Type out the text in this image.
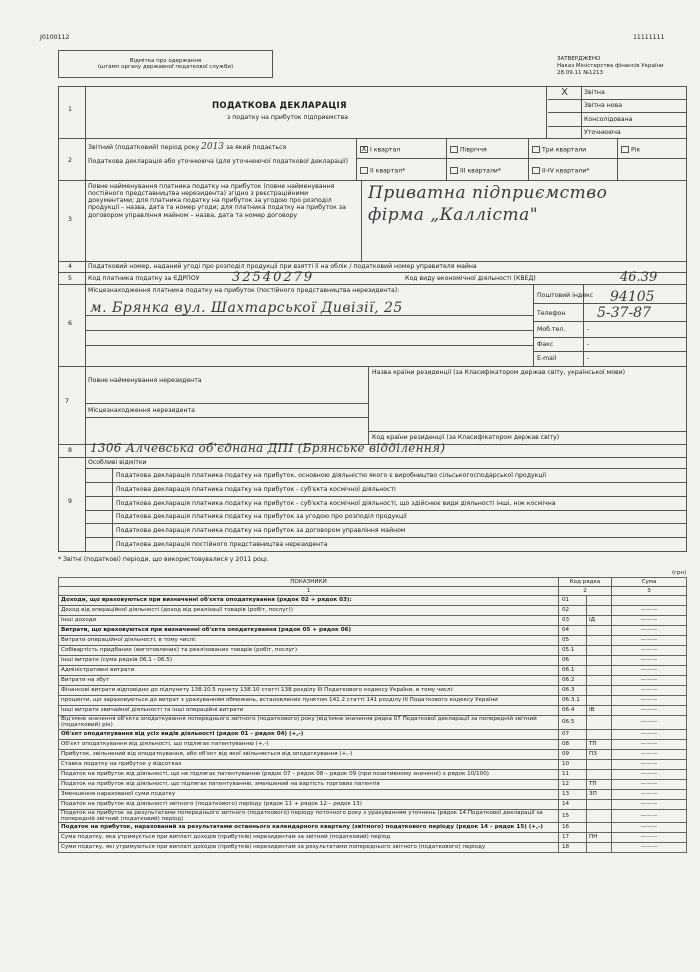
J0100112	11111111
Відмітка про одержання
(штамп органу державної податкової служби)
ЗАТВЕРДЖЕНО
Наказ Міністерства фінансів України
28.09.11 №1213
1	ПОДАТКОВА ДЕКЛАРАЦІЯ
з податку на прибуток підприємства
X	Звітна
Звітна нова
Консолідована
Уточнююча
2
Звітний (податковий) період року 2013 за який подається
Податкова декларація або уточнююча (для уточнюючої податкової декларації)
X I квартал	Півріччя	Три квартали	Рік
II квартал*	III квартали*	II-IV квартали*
3
Повне найменування платника податку на прибуток (повне найменування постійного представництва нерезидента) згідно з реєстраційними документами; для платника податку на прибуток за угодою про розподіл продукції – назва, дата та номер угоди; для платника податку на прибуток за договором управління майном – назва, дата та номер договору
Приватна підприємство
фірма „Калліста"
4	Податковий номер, наданий угоді про розподіл продукції при взятті її на облік / податковий номер управителя майна
5	Код платника податку за ЄДРПОУ	32540279	Код виду економічної діяльності (КВЕД)	46.39
6
Місцезнаходження платника податку на прибуток (постійного представництва нерезидента):
м. Брянка вул. Шахтарської Дивізії, 25
Поштовий індекс 94105
Телефон 5-37-87
Моб.тел.	-
Факс	-
E-mail	-
7
Повне найменування нерезидента
Назва країни резиденції (за Класифікатором держав світу, української мови)
Місцезнаходження нерезидента
Код країни резиденції (за Класифікатором держав світу)
8 1306 Алчевська об'єднана ДПІ (Брянське відділення)
9
Особливі відмітки
Податкова декларація платника податку на прибуток, основною діяльністю якого є виробництво сільськогосподарської продукції
Податкова декларація платника податку на прибуток - суб'єкта космічної діяльності
Податкова декларація платника податку на прибуток - суб'єкта космічної діяльності, що здійснює види діяльності інші, ніж космічна
Податкова декларація платника податку на прибуток за угодою про розподіл продукції
Податкова декларація платника податку на прибуток за договором управління майном
Податкова декларація постійного представництва нерезидента
* Звітні (податкові) періоди, що використовувалися у 2011 році.
(грн)
ПОКАЗНИКИ	Код рядка		Сума
1	2		3
Доходи, що враховуються при визначенні об'єкта оподаткування (рядок 02 + рядок 03):	01		
Доход від операційної діяльності (доход від реалізації товарів (робіт, послуг))	02		———
Інші доходи	03	ІД	———
Витрати, що враховуються при визначенні об'єкта оподаткування (рядок 05 + рядок 06)	04		———
Витрати операційної діяльності, в тому числі:	05		———
Собівартість придбаних (виготовлених) та реалізованих товарів (робіт, послуг)	05.1		———
Інші витрати (сума рядків 06.1 - 06.5)	06		———
Адміністративні витрати	06.1		———
Витрати на збут	06.2		———
Фінансові витрати відповідно до підпункту 138.10.5 пункту 138.10 статті 138 розділу ІІІ Податкового кодексу України, в тому числі:	06.3		———
проценти, що зараховуються до витрат з урахуванням обмежень, встановлених пунктом 141.2 статті 141 розділу ІІІ Податкового кодексу України	06.3.1		———
Інші витрати звичайної діяльності та інші операційні витрати	06.4	ІВ	———
Від'ємне значення об'єкта оподаткування попереднього звітного (податкового) року (від'ємне значення рядка 07 Податкової декларації за попередній звітний (податковий) рік)	06.5		———
Об'єкт оподаткування від усіх видів діяльності (рядок 01 – рядок 04) (+,-)	07		———
Об'єкт оподаткування від діяльності, що підлягає патентуванню (+,-)	08	ТП	———
Прибуток, звільнений від оподаткування, або об'єкт від якої звільняється від оподаткування (+,-)	09	ПЗ	———
Ставка податку на прибуток у відсотках	10		———
Податок на прибуток від діяльності, що не підлягає патентуванню (рядок 07 – рядок 08 – рядок 09 (при позитивному значенні) х рядок 10/100)	11		———
Податок на прибуток від діяльності, що підлягає патентуванню, зменшений на вартість торгових патентів	12	ТП	———
Зменшення нарахованої суми податку	13	ЗП	———
Податок на прибуток від діяльності звітного (податкового) періоду (рядок 11 + рядок 12 – рядок 13)	14		———
Податок на прибуток за результатами попереднього звітного (податкового) періоду поточного року з урахуванням уточнень (рядок 14 Податкової декларації за попередній звітний (податковий) період)	15		———
Податок на прибуток, нарахований за результатами останнього календарного кварталу (звітного) податкового періоду (рядок 14 – рядок 15) (+,-)	16		———
Сума податку, яка утримується при виплаті доходів (прибутків) нерезидентам за звітний (податковий) період	17	ПН	———
Суми податку, які утримуються при виплаті доходів (прибутків) нерезидентам за результатами попереднього звітного (податкового) періоду	18		———
